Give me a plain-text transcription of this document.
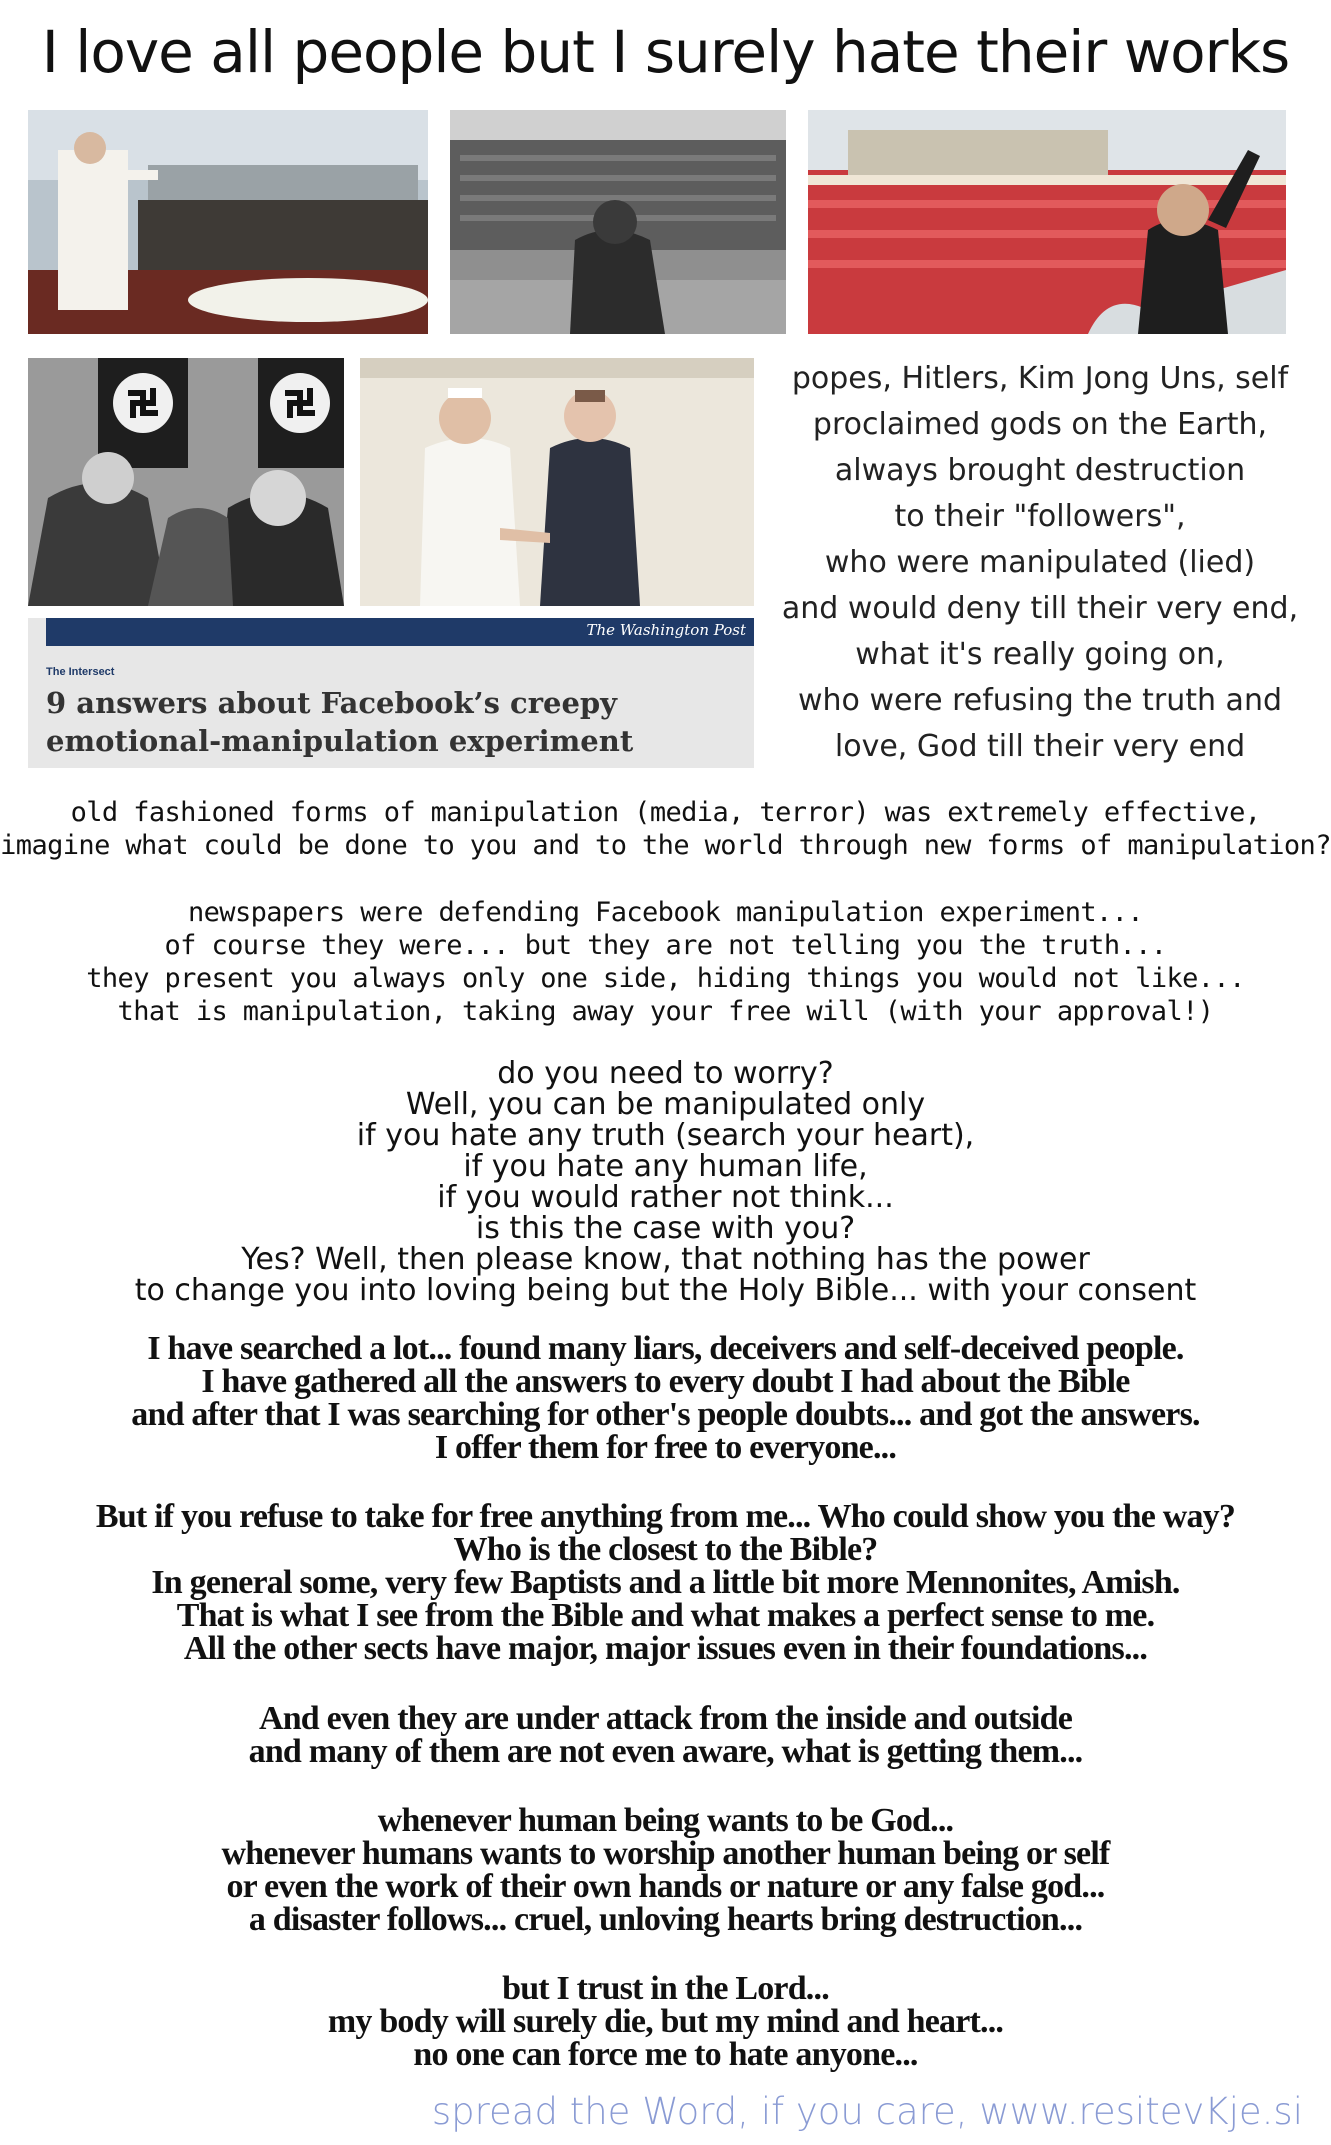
I love all people but I surely hate their works
The Washington Post
The Intersect
9 answers about Facebook’s creepy
emotional-manipulation experiment
popes, Hitlers, Kim Jong Uns, self
proclaimed gods on the Earth,
always brought destruction
to their "followers",
who were manipulated (lied)
and would deny till their very end,
what it's really going on,
who were refusing the truth and
love, God till their very end
old fashioned forms of manipulation (media, terror) was extremely effective,
imagine what could be done to you and to the world through new forms of manipulation?
newspapers were defending Facebook manipulation experiment...
of course they were... but they are not telling you the truth...
they present you always only one side, hiding things you would not like...
that is manipulation, taking away your free will (with your approval!)
do you need to worry?
Well, you can be manipulated only
if you hate any truth (search your heart),
if you hate any human life,
if you would rather not think...
is this the case with you?
Yes? Well, then please know, that nothing has the power
to change you into loving being but the Holy Bible... with your consent
I have searched a lot... found many liars, deceivers and self-deceived people.
I have gathered all the answers to every doubt I had about the Bible
and after that I was searching for other's people doubts... and got the answers.
I offer them for free to everyone...
But if you refuse to take for free anything from me... Who could show you the way?
Who is the closest to the Bible?
In general some, very few Baptists and a little bit more Mennonites, Amish.
That is what I see from the Bible and what makes a perfect sense to me.
All the other sects have major, major issues even in their foundations...
And even they are under attack from the inside and outside
and many of them are not even aware, what is getting them...
whenever human being wants to be God...
whenever humans wants to worship another human being or self
or even the work of their own hands or nature or any false god...
a disaster follows... cruel, unloving hearts bring destruction...
but I trust in the Lord...
my body will surely die, but my mind and heart...
no one can force me to hate anyone...
spread the Word, if you care, www.resitevKje.si
